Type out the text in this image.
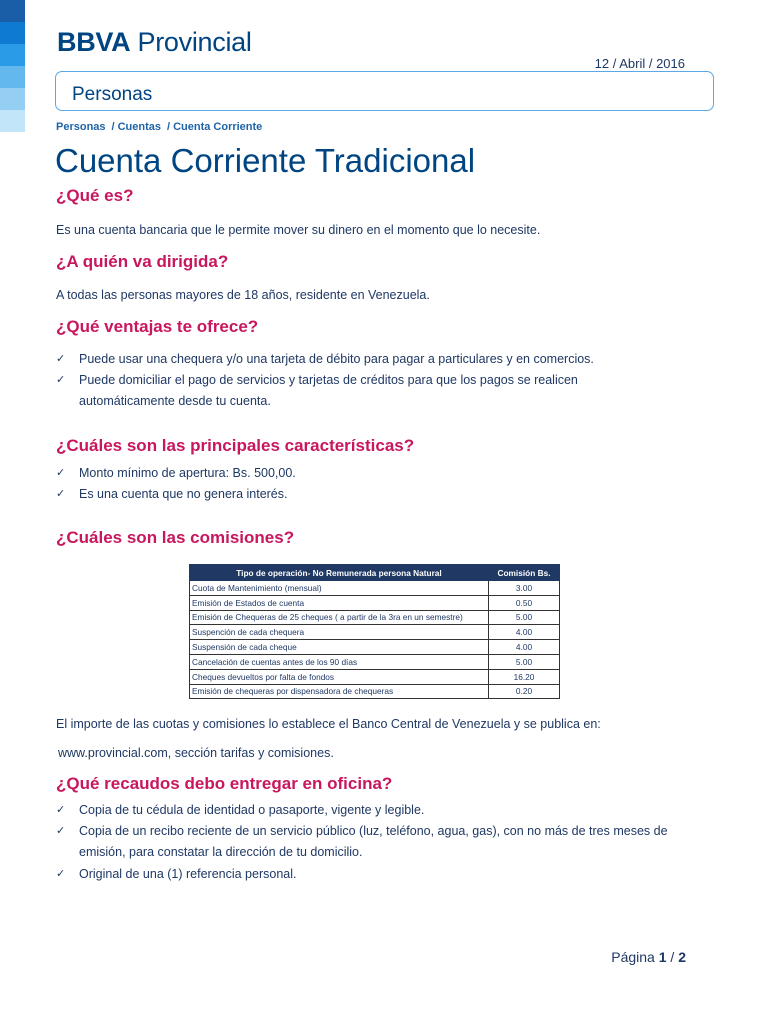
BBVA Provincial
12 / Abril / 2016
Personas
Personas / Cuentas / Cuenta Corriente
Cuenta Corriente Tradicional
¿Qué es?
Es una cuenta bancaria que le permite mover su dinero en el momento que lo necesite.
¿A quién va dirigida?
A todas las personas mayores de 18 años, residente en Venezuela.
¿Qué ventajas te ofrece?
✓ Puede usar una chequera y/o una tarjeta de débito para pagar a particulares y en comercios.
✓ Puede domiciliar el pago de servicios y tarjetas de créditos para que los pagos se realicen automáticamente desde tu cuenta.
¿Cuáles son las principales características?
✓ Monto mínimo de apertura: Bs. 500,00.
✓ Es una cuenta que no genera interés.
¿Cuáles son las comisiones?
Tipo de operación- No Remunerada persona Natural	Comisión Bs.
Cuota de Mantenimiento (mensual)	3.00
Emisión de Estados de cuenta	0.50
Emisión de Chequeras de 25 cheques ( a partir de la 3ra en un semestre)	5.00
Suspención de cada chequera	4.00
Suspensión de cada cheque	4.00
Cancelación de cuentas antes de los 90 días	5.00
Cheques devueltos por falta de fondos	16.20
Emisión de chequeras por dispensadora de chequeras	0.20
El importe de las cuotas y comisiones lo establece el Banco Central de Venezuela y se publica en:
www.provincial.com, sección tarifas y comisiones.
¿Qué recaudos debo entregar en oficina?
✓ Copia de tu cédula de identidad o pasaporte, vigente y legible.
✓ Copia de un recibo reciente de un servicio público (luz, teléfono, agua, gas), con no más de tres meses de emisión, para constatar la dirección de tu domicilio.
✓ Original de una (1) referencia personal.
Página 1 / 2
